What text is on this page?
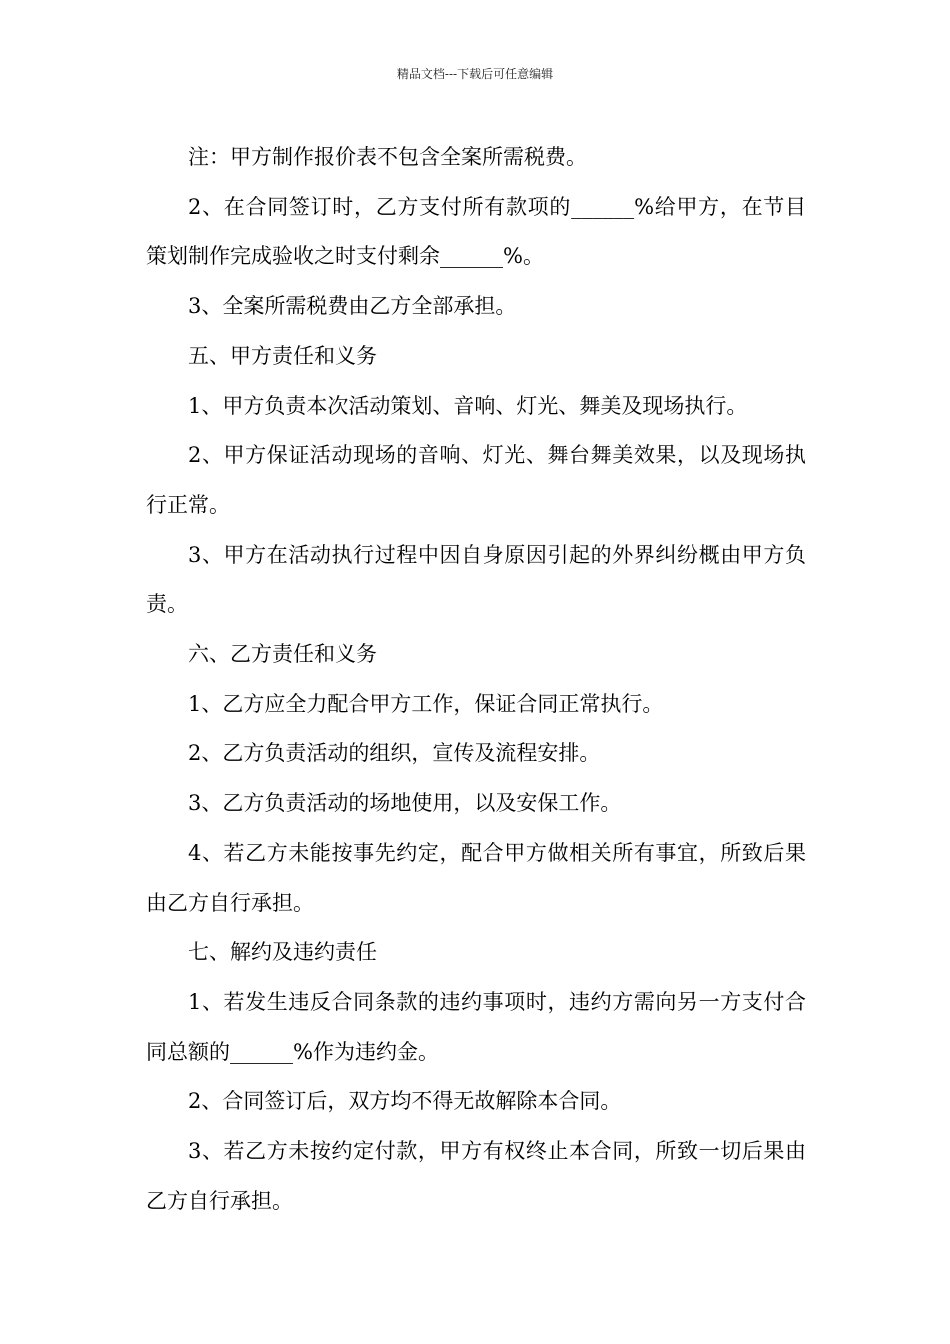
精品文档---下载后可任意编辑

注：甲方制作报价表不包含全案所需税费。

2、在合同签订时，乙方支付所有款项的______%给甲方，在节目策划制作完成验收之时支付剩余______%。

3、全案所需税费由乙方全部承担。

五、甲方责任和义务

1、甲方负责本次活动策划、音响、灯光、舞美及现场执行。

2、甲方保证活动现场的音响、灯光、舞台舞美效果，以及现场执行正常。

3、甲方在活动执行过程中因自身原因引起的外界纠纷概由甲方负责。

六、乙方责任和义务

1、乙方应全力配合甲方工作，保证合同正常执行。

2、乙方负责活动的组织，宣传及流程安排。

3、乙方负责活动的场地使用，以及安保工作。

4、若乙方未能按事先约定，配合甲方做相关所有事宜，所致后果由乙方自行承担。

七、解约及违约责任

1、若发生违反合同条款的违约事项时，违约方需向另一方支付合同总额的______%作为违约金。

2、合同签订后，双方均不得无故解除本合同。

3、若乙方未按约定付款，甲方有权终止本合同，所致一切后果由乙方自行承担。
